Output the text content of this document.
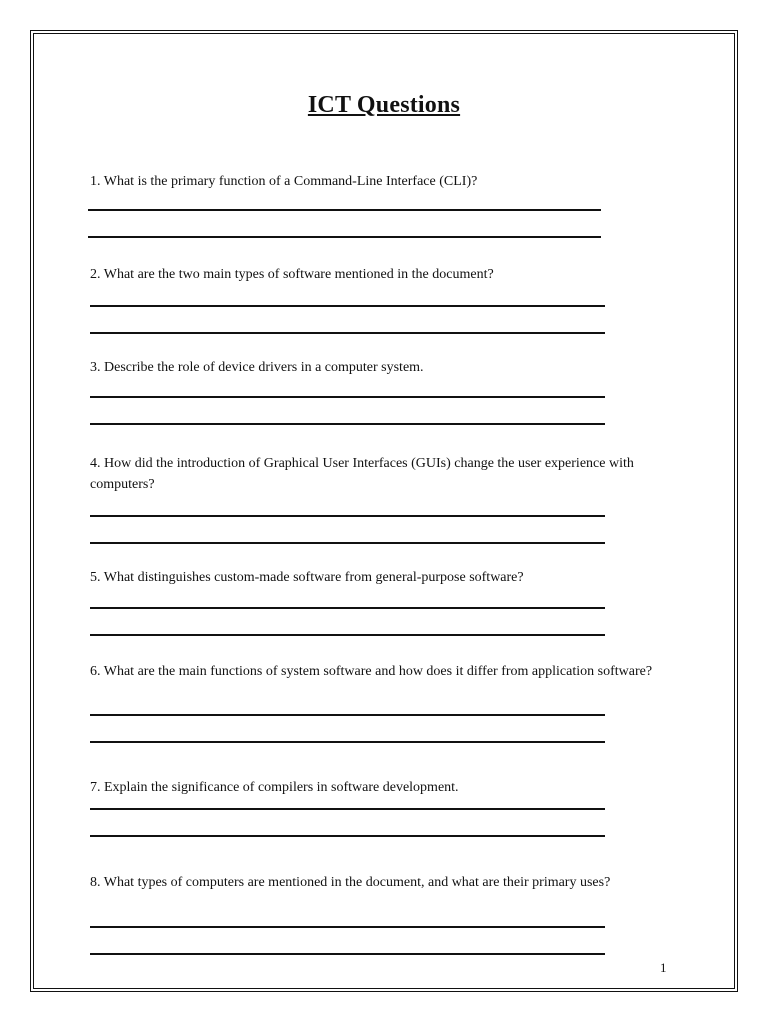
ICT Questions
1. What is the primary function of a Command-Line Interface (CLI)?
2. What are the two main types of software mentioned in the document?
3. Describe the role of device drivers in a computer system.
4. How did the introduction of Graphical User Interfaces (GUIs) change the user experience with computers?
5. What distinguishes custom-made software from general-purpose software?
6. What are the main functions of system software and how does it differ from application software?
7. Explain the significance of compilers in software development.
8. What types of computers are mentioned in the document, and what are their primary uses?
1
